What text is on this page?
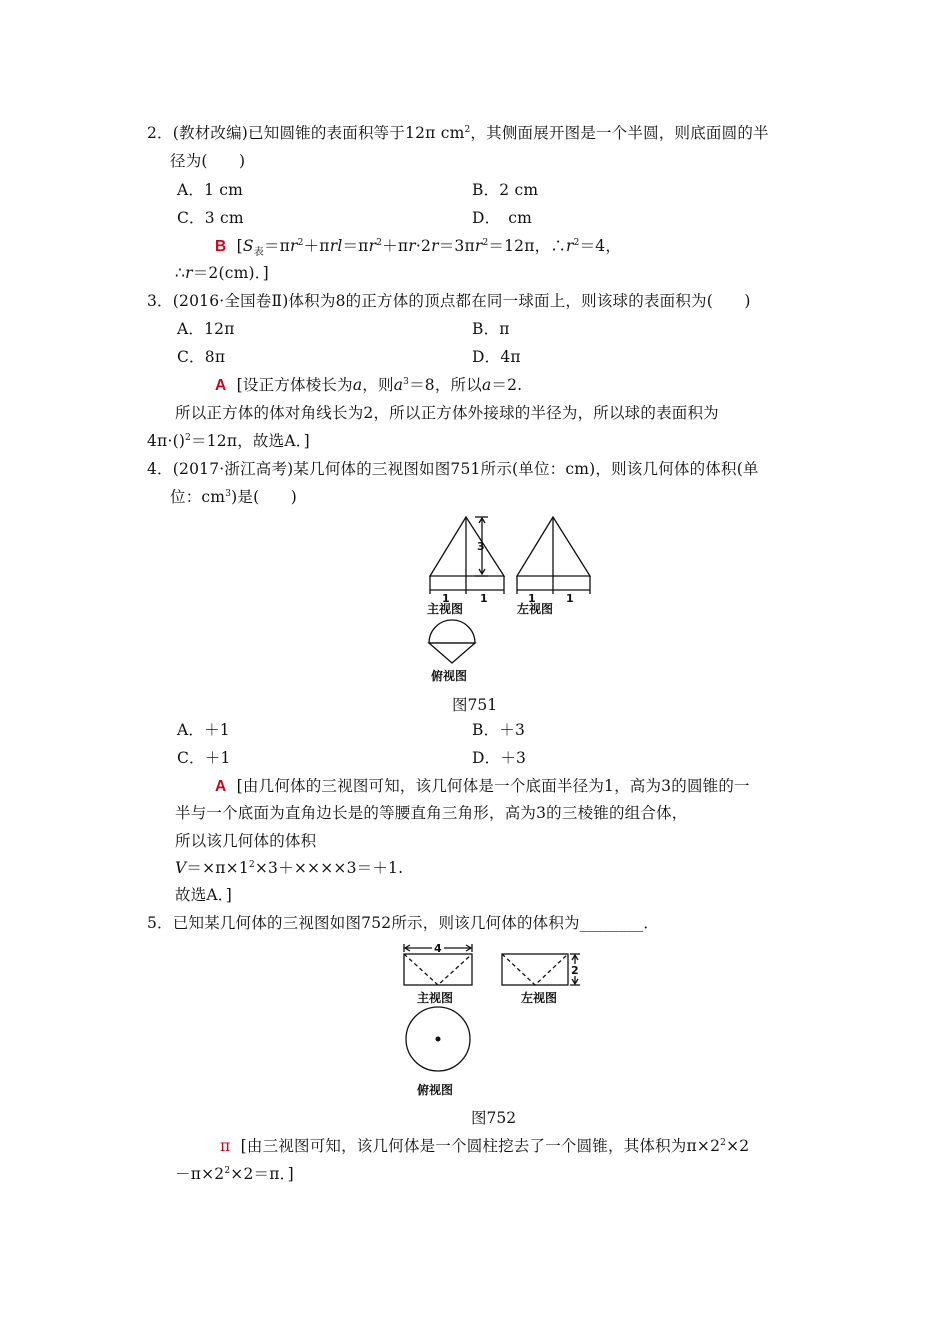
2．(教材改编)已知圆锥的表面积等于12π $cm^2$，其侧面展开图是一个半圆，则底面圆的半
径为(　　)
A．1 cm	B．2 cm
C．3 cm	D．　cm
B [$S_表=\pi r^2+\pi rl=\pi r^2+\pi r\cdot 2r=3\pi r^2=12\pi$，$\therefore r^2=4$，
∴r＝2(cm)．]
3．(2016·全国卷Ⅱ)体积为8的正方体的顶点都在同一球面上，则该球的表面积为(　　)
A．12π	B．π
C．8π	D．4π
A [设正方体棱长为a，则$a^3=8$，所以a＝2.
所以正方体的体对角线长为2，所以正方体外接球的半径为，所以球的表面积为
4π·()$^2$＝12π，故选A．]
4．(2017·浙江高考)某几何体的三视图如图751所示(单位：cm)，则该几何体的体积(单
位：$cm^3$)是(　　)
1	1
3
1	1
主视图	左视图
俯视图
图751
A．＋1	B．＋3
C．＋1	D．＋3
A [由几何体的三视图可知，该几何体是一个底面半径为1，高为3的圆锥的一
半与一个底面为直角边长是的等腰直角三角形，高为3的三棱锥的组合体，
所以该几何体的体积
$V=\times\pi\times 1^2\times 3+\times\times\times\times 3=+1$.
故选A．]
5．已知某几何体的三视图如图752所示，则该几何体的体积为________．
4
2
主视图	左视图
俯视图
图752
π [由三视图可知，该几何体是一个圆柱挖去了一个圆锥，其体积为$\pi\times 2^2\times 2$
$-\pi\times 2^2\times 2=\pi$．]
